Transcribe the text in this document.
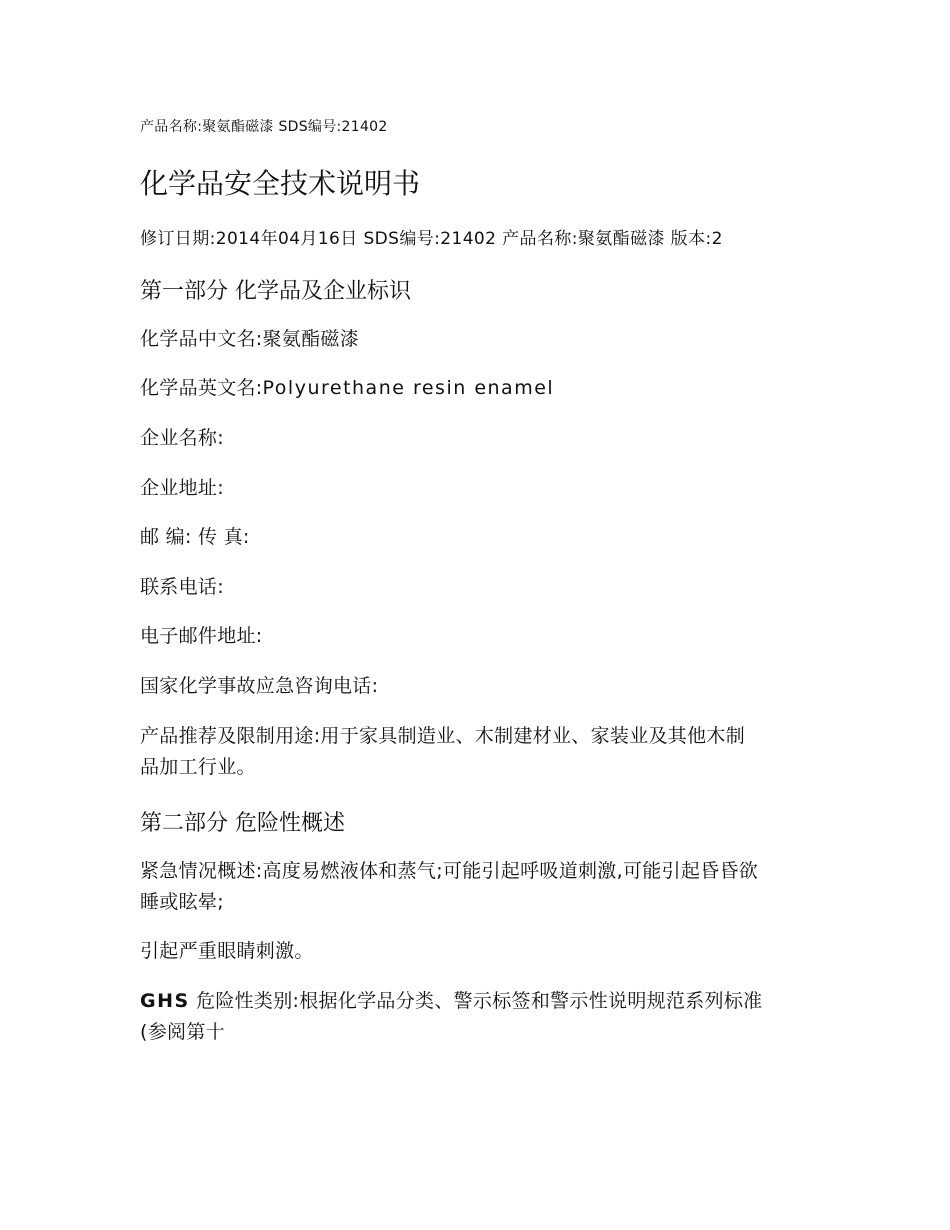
产品名称:聚氨酯磁漆 SDS编号:21402
化学品安全技术说明书
修订日期:2014年04月16日 SDS编号:21402 产品名称:聚氨酯磁漆 版本:2
第一部分 化学品及企业标识
化学品中文名:聚氨酯磁漆
化学品英文名:Polyurethane resin enamel
企业名称:
企业地址:
邮 编: 传 真:
联系电话:
电子邮件地址:
国家化学事故应急咨询电话:
产品推荐及限制用途:用于家具制造业、木制建材业、家装业及其他木制
品加工行业。
第二部分 危险性概述
紧急情况概述:高度易燃液体和蒸气;可能引起呼吸道刺激,可能引起昏昏欲
睡或眩晕;
引起严重眼睛刺激。
GHS 危险性类别:根据化学品分类、警示标签和警示性说明规范系列标准
(参阅第十
